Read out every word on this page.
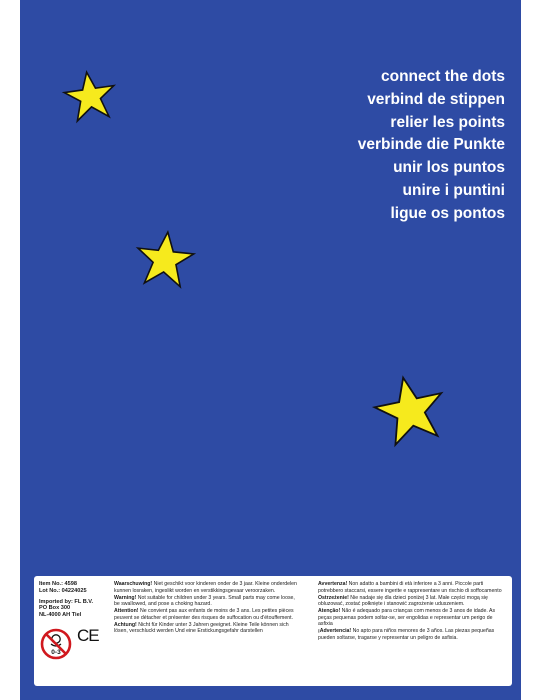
connect the dots
verbind de stippen
relier les points
verbinde die Punkte
unir los puntos
unire i puntini
ligue os pontos
Item No.: 4598
Lot No.: 04224025
Imported by: FL B.V.
PO Box 300
NL-4000 AH Tiel
0-3
CE
Waarschuwing! Niet geschikt voor kinderen onder de 3 jaar. Kleine onderdelen kunnen losraken, ingeslikt worden en verstikkingsgevaar veroorzaken.
Warning! Not suitable for children under 3 years. Small parts may come loose, be swallowed, and pose a choking hazard.
Attention! Ne convient pas aux enfants de moins de 3 ans. Les petites pièces peuvent se détacher et présenter des risques de suffocation ou d'étouffement.
Achtung! Nicht für Kinder unter 3 Jahren geeignet. Kleine Teile können sich lösen, verschluckt werden Und eine Erstickungsgefahr darstellen
Avvertenza! Non adatto a bambini di età inferiore a 3 anni. Piccole parti potrebbero staccarsi, essere ingerite e rappresentare un rischio di soffocamento
Ostrzeżenie! Nie nadaje się dla dzieci poniżej 3 lat. Małe części mogą się obluzować, zostać połknięte i stanowić zagrożenie uduszeniem.
Atenção! Não é adequado para crianças com menos de 3 anos de idade. As peças pequenas podem soltar-se, ser engolidas e representar um perigo de asfixia
¡Advertencia! No apto para niños menores de 3 años. Las piezas pequeñas pueden soltarse, tragarse y representar un peligro de asfixia.
